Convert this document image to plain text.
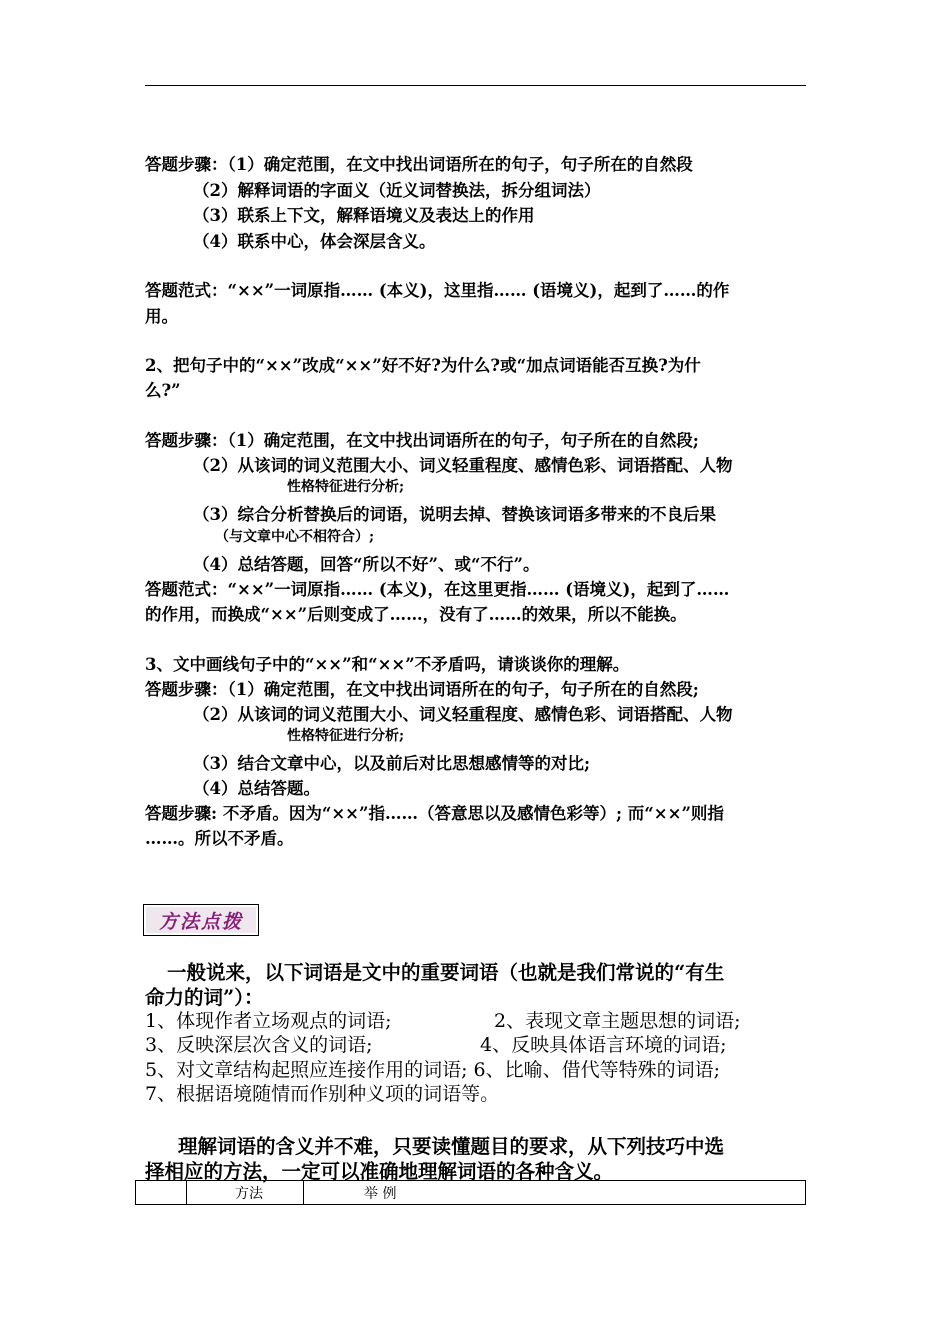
答题步骤：（1）确定范围，在文中找出词语所在的句子，句子所在的自然段
（2）解释词语的字面义（近义词替换法，拆分组词法）
（3）联系上下文，解释语境义及表达上的作用
（4）联系中心，体会深层含义。
答题范式：“××”一词原指…… (本义)，这里指…… (语境义)，起到了……的作
用。
2、把句子中的“××”改成“××”好不好?为什么?或“加点词语能否互换?为什
么?”
答题步骤：（1）确定范围，在文中找出词语所在的句子，句子所在的自然段;
（2）从该词的词义范围大小、词义轻重程度、感情色彩、词语搭配、人物
性格特征进行分析;
（3）综合分析替换后的词语，说明去掉、替换该词语多带来的不良后果
（与文章中心不相符合）;
（4）总结答题，回答“所以不好”、或“不行”。
答题范式：“××”一词原指…… (本义)，在这里更指…… (语境义)，起到了……
的作用，而换成“××”后则变成了……，没有了……的效果，所以不能换。
3、文中画线句子中的“××”和“××”不矛盾吗，请谈谈你的理解。
答题步骤：（1）确定范围，在文中找出词语所在的句子，句子所在的自然段;
（2）从该词的词义范围大小、词义轻重程度、感情色彩、词语搭配、人物
性格特征进行分析;
（3）结合文章中心，以及前后对比思想感情等的对比;
（4）总结答题。
答题步骤: 不矛盾。因为“××”指……（答意思以及感情色彩等）; 而“××”则指
……。所以不矛盾。
一般说来，以下词语是文中的重要词语（也就是我们常说的“有生
命力的词”）：
1、体现作者立场观点的词语;	2、表现文章主题思想的词语;
3、反映深层次含义的词语;	4、反映具体语言环境的词语;
5、对文章结构起照应连接作用的词语; 6、比喻、借代等特殊的词语;
7、根据语境随情而作别种义项的词语等。
理解词语的含义并不难，只要读懂题目的要求，从下列技巧中选
择相应的方法，一定可以准确地理解词语的各种含义。
方法点拨
方法	举 例
